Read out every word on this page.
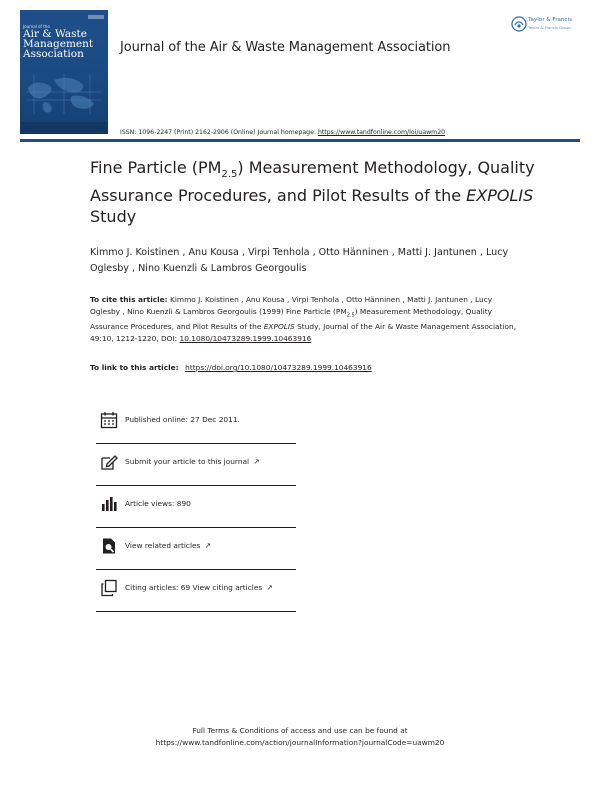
Journal of the
Air & Waste
Management
Association	Journal of the Air & Waste Management Association
Taylor & Francis
Taylor & Francis Group
ISSN: 1096-2247 (Print) 2162-2906 (Online) Journal homepage: https://www.tandfonline.com/loi/uawm20
Fine Particle $(PM_{2.5})$ Measurement Methodology, Quality Assurance Procedures, and Pilot Results of the EXPOLIS Study
Kimmo J. Koistinen , Anu Kousa , Virpi Tenhola , Otto Hänninen , Matti J. Jantunen , Lucy Oglesby , Nino Kuenzli & Lambros Georgoulis
To cite this article: Kimmo J. Koistinen , Anu Kousa , Virpi Tenhola , Otto Hänninen , Matti J. Jantunen , Lucy Oglesby , Nino Kuenzli & Lambros Georgoulis (1999) Fine Particle $(PM_{2.5})$ Measurement Methodology, Quality Assurance Procedures, and Pilot Results of the EXPOLIS Study, Journal of the Air & Waste Management Association, 49:10, 1212-1220, DOI: 10.1080/10473289.1999.10463916
To link to this article: https://doi.org/10.1080/10473289.1999.10463916
Published online: 27 Dec 2011.
Submit your article to this journal ↗
Article views: 890
View related articles ↗
Citing articles: 69 View citing articles ↗
Full Terms & Conditions of access and use can be found at
https://www.tandfonline.com/action/journalInformation?journalCode=uawm20
